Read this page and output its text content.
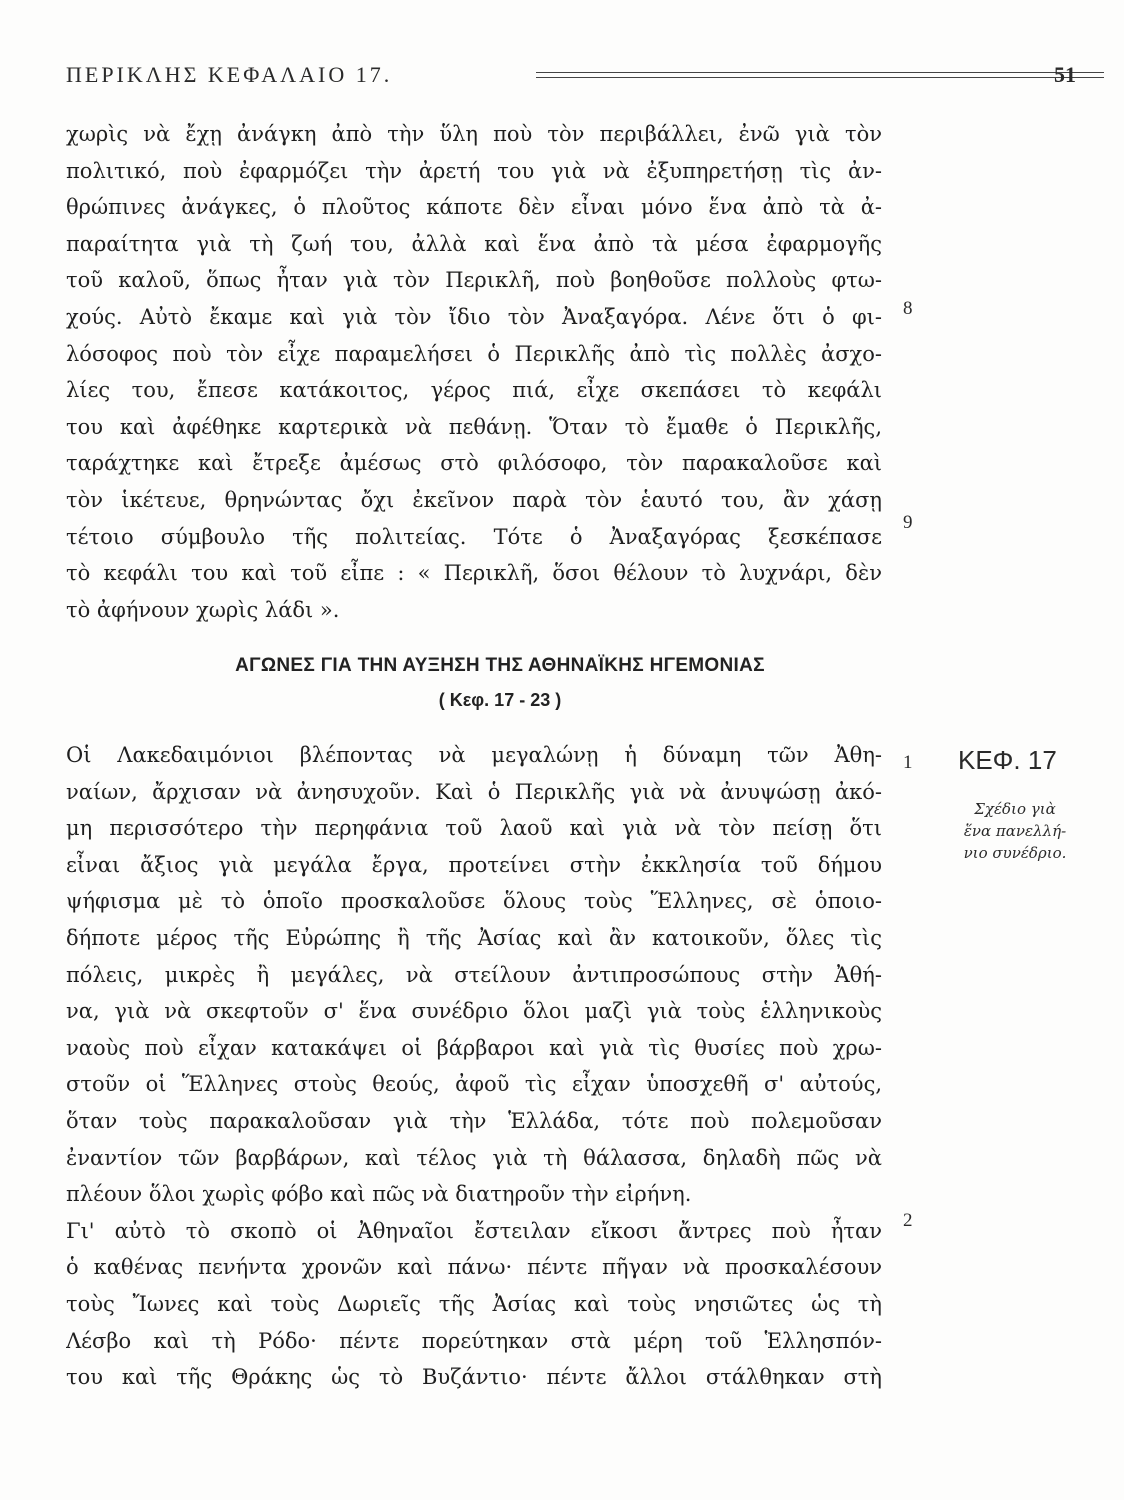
ΠΕΡΙΚΛΗΣ ΚΕΦΑΛΑΙΟ 17.	51
χωρὶς νὰ ἔχῃ ἀνάγκη ἀπὸ τὴν ὕλη ποὺ τὸν περιβάλλει, ἐνῶ γιὰ τὸν
πολιτικό, ποὺ ἐφαρμόζει τὴν ἀρετή του γιὰ νὰ ἐξυπηρετήσῃ τὶς ἀν-
θρώπινες ἀνάγκες, ὁ πλοῦτος κάποτε δὲν εἶναι μόνο ἕνα ἀπὸ τὰ ἀ-
παραίτητα γιὰ τὴ ζωή του, ἀλλὰ καὶ ἕνα ἀπὸ τὰ μέσα ἐφαρμογῆς
τοῦ καλοῦ, ὅπως ἦταν γιὰ τὸν Περικλῆ, ποὺ βοηθοῦσε πολλοὺς φτω-
χούς. Αὐτὸ ἔκαμε καὶ γιὰ τὸν ἴδιο τὸν Ἀναξαγόρα. Λένε ὅτι ὁ φι-
λόσοφος ποὺ τὸν εἶχε παραμελήσει ὁ Περικλῆς ἀπὸ τὶς πολλὲς ἀσχο-
λίες του, ἔπεσε κατάκοιτος, γέρος πιά, εἶχε σκεπάσει τὸ κεφάλι
του καὶ ἀφέθηκε καρτερικὰ νὰ πεθάνῃ. Ὅταν τὸ ἔμαθε ὁ Περικλῆς,
ταράχτηκε καὶ ἔτρεξε ἀμέσως στὸ φιλόσοφο, τὸν παρακαλοῦσε καὶ
τὸν ἱκέτευε, θρηνώντας ὄχι ἐκεῖνον παρὰ τὸν ἑαυτό του, ἂν χάσῃ
τέτοιο σύμβουλο τῆς πολιτείας. Τότε ὁ Ἀναξαγόρας ξεσκέπασε
τὸ κεφάλι του καὶ τοῦ εἶπε : « Περικλῆ, ὅσοι θέλουν τὸ λυχνάρι, δὲν
τὸ ἀφήνουν χωρὶς λάδι ».
8
9
ΑΓΩΝΕΣ ΓΙΑ ΤΗΝ ΑΥΞΗΣΗ ΤΗΣ ΑΘΗΝΑΪΚΗΣ ΗΓΕΜΟΝΙΑΣ
( Κεφ. 17 - 23 )
Οἱ Λακεδαιμόνιοι βλέποντας νὰ μεγαλώνῃ ἡ δύναμη τῶν Ἀθη-
ναίων, ἄρχισαν νὰ ἀνησυχοῦν. Καὶ ὁ Περικλῆς γιὰ νὰ ἀνυψώσῃ ἀκό-
μη περισσότερο τὴν περηφάνια τοῦ λαοῦ καὶ γιὰ νὰ τὸν πείσῃ ὅτι
εἶναι ἄξιος γιὰ μεγάλα ἔργα, προτείνει στὴν ἐκκλησία τοῦ δήμου
ψήφισμα μὲ τὸ ὁποῖο προσκαλοῦσε ὅλους τοὺς Ἕλληνες, σὲ ὁποιο-
δήποτε μέρος τῆς Εὐρώπης ἢ τῆς Ἀσίας καὶ ἂν κατοικοῦν, ὅλες τὶς
πόλεις, μικρὲς ἢ μεγάλες, νὰ στείλουν ἀντιπροσώπους στὴν Ἀθή-
να, γιὰ νὰ σκεφτοῦν σ' ἕνα συνέδριο ὅλοι μαζὶ γιὰ τοὺς ἑλληνικοὺς
ναοὺς ποὺ εἶχαν κατακάψει οἱ βάρβαροι καὶ γιὰ τὶς θυσίες ποὺ χρω-
στοῦν οἱ Ἕλληνες στοὺς θεούς, ἀφοῦ τὶς εἶχαν ὑποσχεθῆ σ' αὐτούς,
ὅταν τοὺς παρακαλοῦσαν γιὰ τὴν Ἑλλάδα, τότε ποὺ πολεμοῦσαν
ἐναντίον τῶν βαρβάρων, καὶ τέλος γιὰ τὴ θάλασσα, δηλαδὴ πῶς νὰ
πλέουν ὅλοι χωρὶς φόβο καὶ πῶς νὰ διατηροῦν τὴν εἰρήνη.
Γι' αὐτὸ τὸ σκοπὸ οἱ Ἀθηναῖοι ἔστειλαν εἴκοσι ἄντρες ποὺ ἦταν
ὁ καθένας πενήντα χρονῶν καὶ πάνω· πέντε πῆγαν νὰ προσκαλέσουν
τοὺς Ἴωνες καὶ τοὺς Δωριεῖς τῆς Ἀσίας καὶ τοὺς νησιῶτες ὡς τὴ
Λέσβο καὶ τὴ Ρόδο· πέντε πορεύτηκαν στὰ μέρη τοῦ Ἑλλησπόν-
του καὶ τῆς Θράκης ὡς τὸ Βυζάντιο· πέντε ἄλλοι στάλθηκαν στὴ
1
2
ΚΕΦ. 17
Σχέδιο γιὰ
ἕνα πανελλή-
νιο συνέδριο.
